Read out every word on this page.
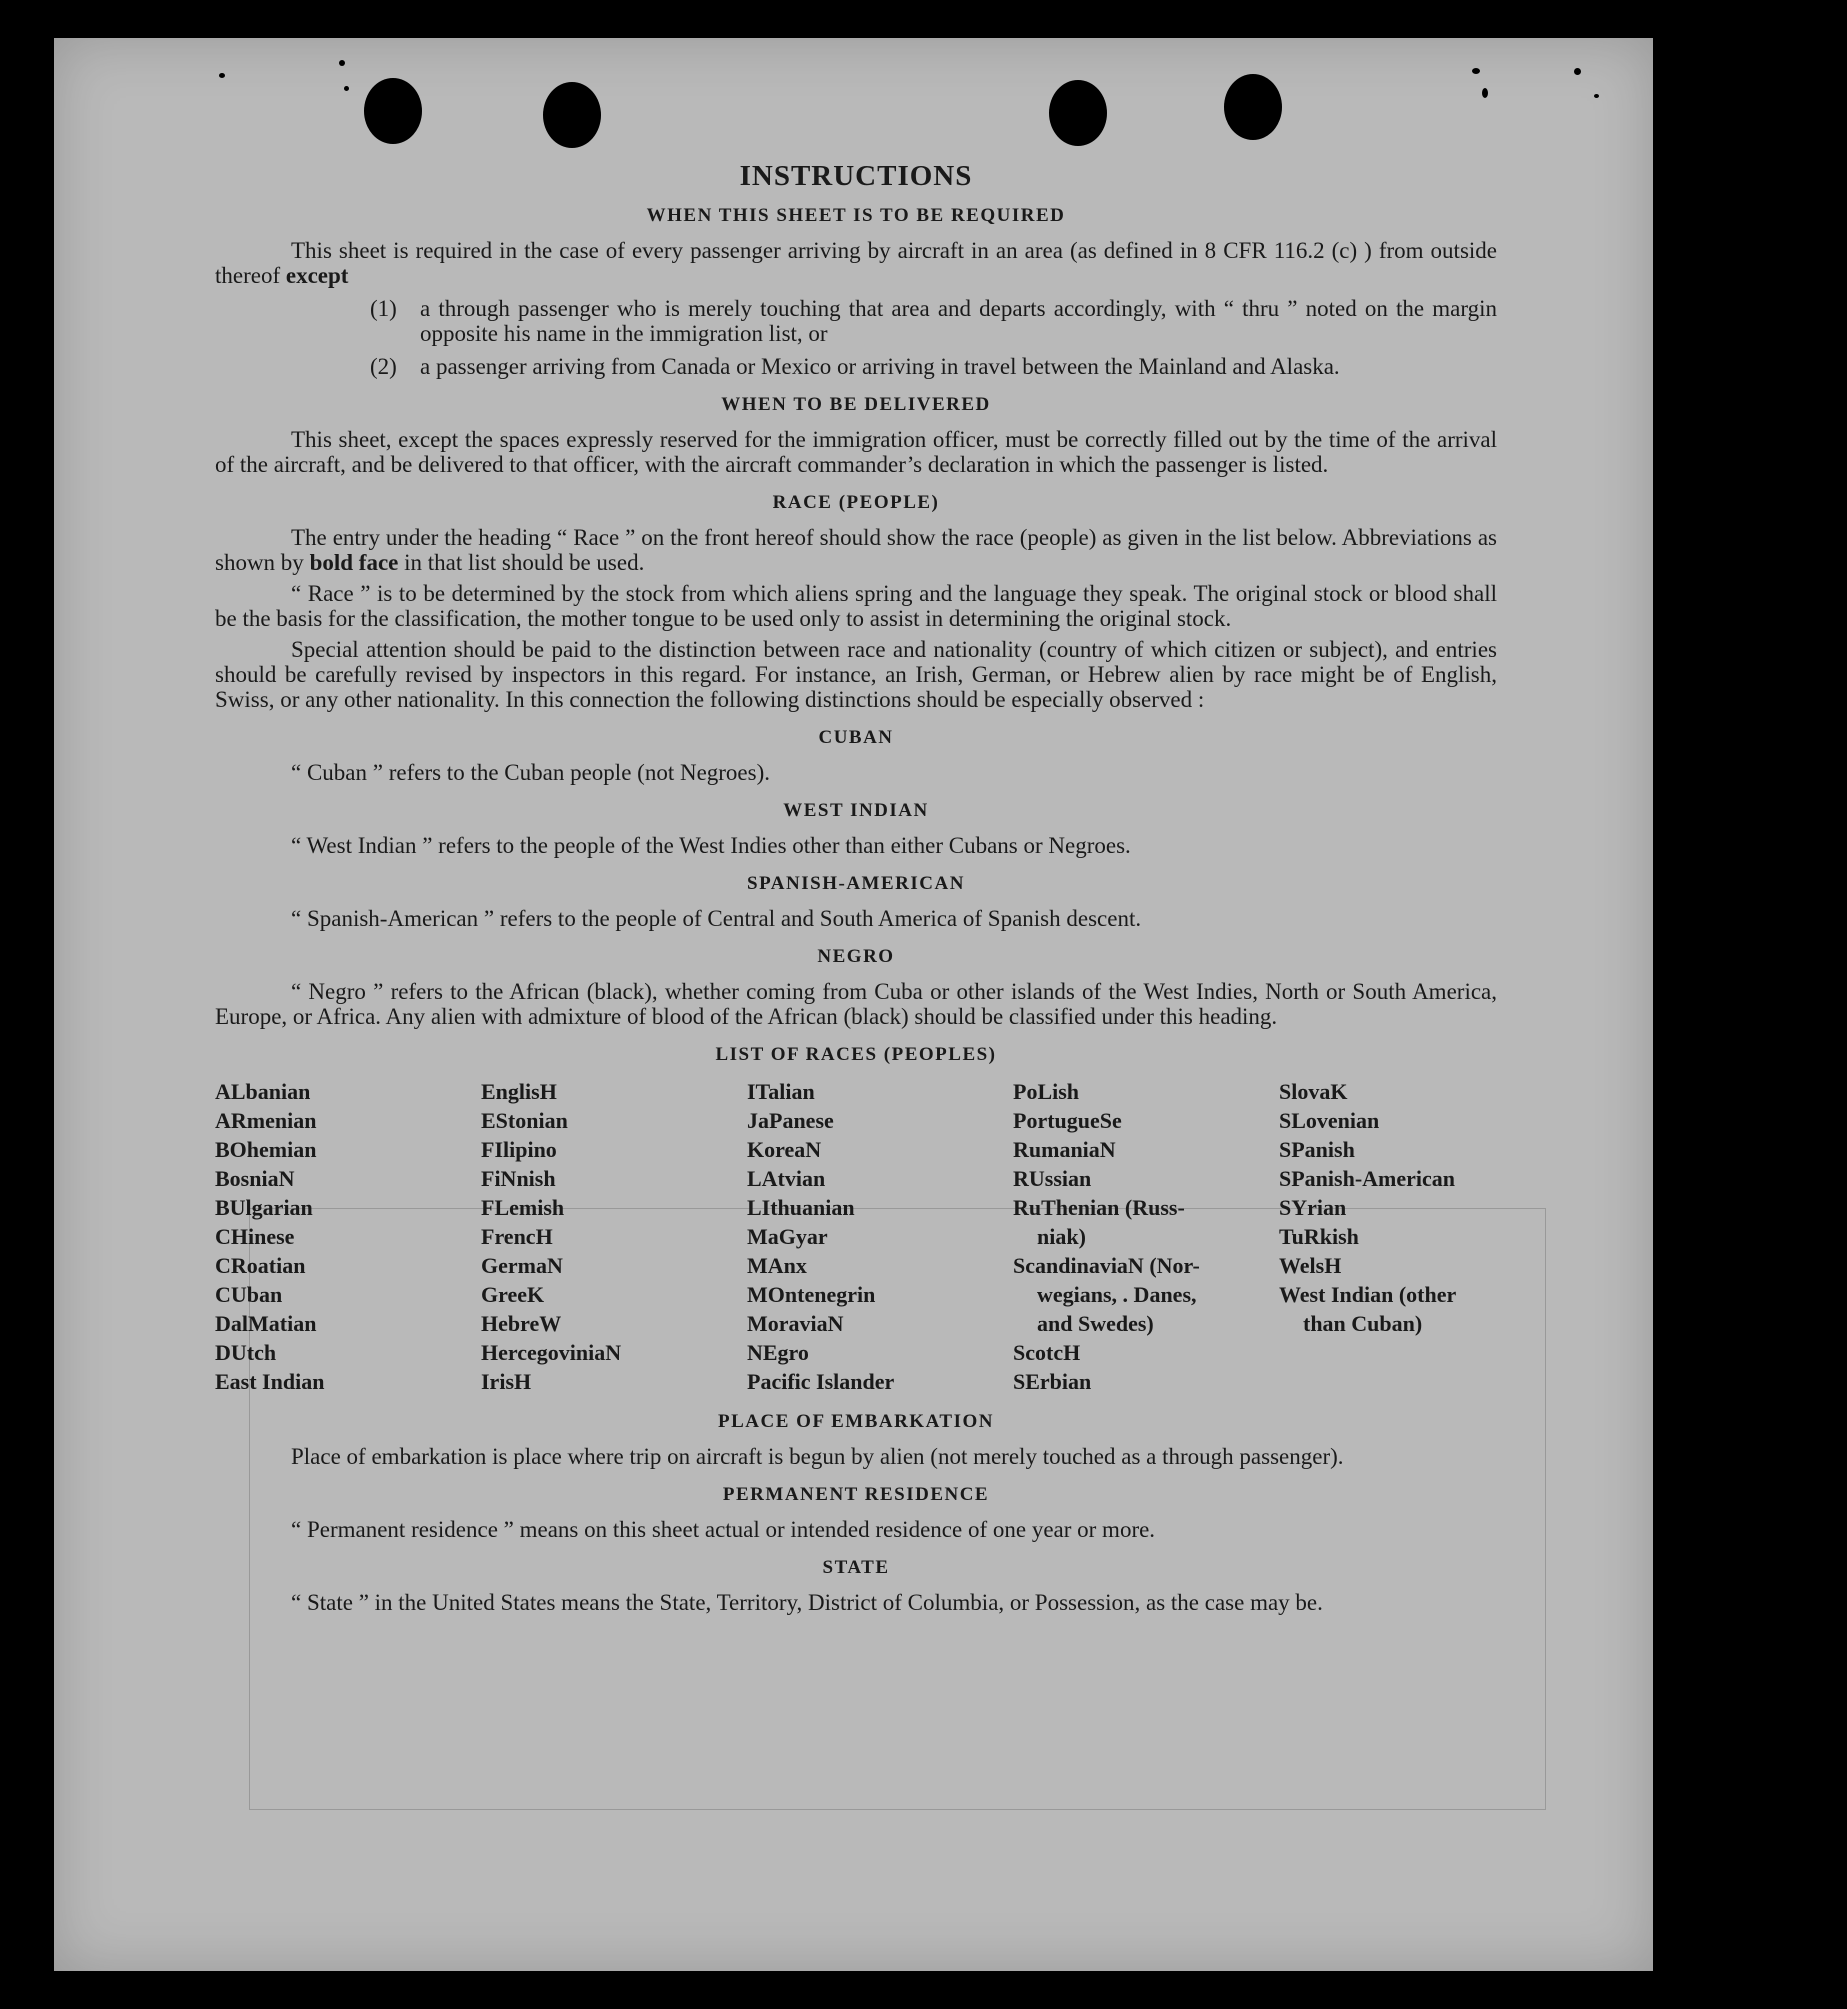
INSTRUCTIONS
WHEN THIS SHEET IS TO BE REQUIRED

This sheet is required in the case of every passenger arriving by aircraft in an area (as defined in 8 CFR 116.2 (c) ) from outside thereof except

(1)	a through passenger who is merely touching that area and departs accordingly, with “ thru ” noted on the margin opposite his name in the immigration list, or
(2)	a passenger arriving from Canada or Mexico or arriving in travel between the Mainland and Alaska.
WHEN TO BE DELIVERED

This sheet, except the spaces expressly reserved for the immigration officer, must be correctly filled out by the time of the arrival of the aircraft, and be delivered to that officer, with the aircraft commander’s declaration in which the passenger is listed.

RACE (PEOPLE)

The entry under the heading “ Race ” on the front hereof should show the race (people) as given in the list below. Abbreviations as shown by bold face in that list should be used.

“ Race ” is to be determined by the stock from which aliens spring and the language they speak. The original stock or blood shall be the basis for the classification, the mother tongue to be used only to assist in determining the original stock.

Special attention should be paid to the distinction between race and nationality (country of which citizen or subject), and entries should be carefully revised by inspectors in this regard. For instance, an Irish, German, or Hebrew alien by race might be of English, Swiss, or any other nationality. In this connection the following distinctions should be especially observed :

CUBAN

“ Cuban ” refers to the Cuban people (not Negroes).

WEST INDIAN

“ West Indian ” refers to the people of the West Indies other than either Cubans or Negroes.

SPANISH-AMERICAN

“ Spanish-American ” refers to the people of Central and South America of Spanish descent.

NEGRO

“ Negro ” refers to the African (black), whether coming from Cuba or other islands of the West Indies, North or South America, Europe, or Africa. Any alien with admixture of blood of the African (black) should be classified under this heading.

LIST OF RACES (PEOPLES)
ALbanian	EnglisH	ITalian	PoLish	SlovaK
ARmenian	EStonian	JaPanese	PortugueSe	SLovenian
BOhemian	FIlipino	KoreaN	RumaniaN	SPanish
BosniaN	FiNnish	LAtvian	RUssian	SPanish-American
BUlgarian	FLemish	LIthuanian	RuThenian (Russ-	SYrian
CHinese	FrencH	MaGyar	niak)	TuRkish
CRoatian	GermaN	MAnx	ScandinaviaN (Nor-	WelsH
CUban	GreeK	MOntenegrin	wegians, . Danes,	West Indian (other
DalMatian	HebreW	MoraviaN	and Swedes)	than Cuban)
DUtch	HercegoviniaN	NEgro	ScotcH
East Indian	IrisH	Pacific Islander	SErbian
PLACE OF EMBARKATION

Place of embarkation is place where trip on aircraft is begun by alien (not merely touched as a through passenger).

PERMANENT RESIDENCE

“ Permanent residence ” means on this sheet actual or intended residence of one year or more.

STATE

“ State ” in the United States means the State, Territory, District of Columbia, or Possession, as the case may be.
